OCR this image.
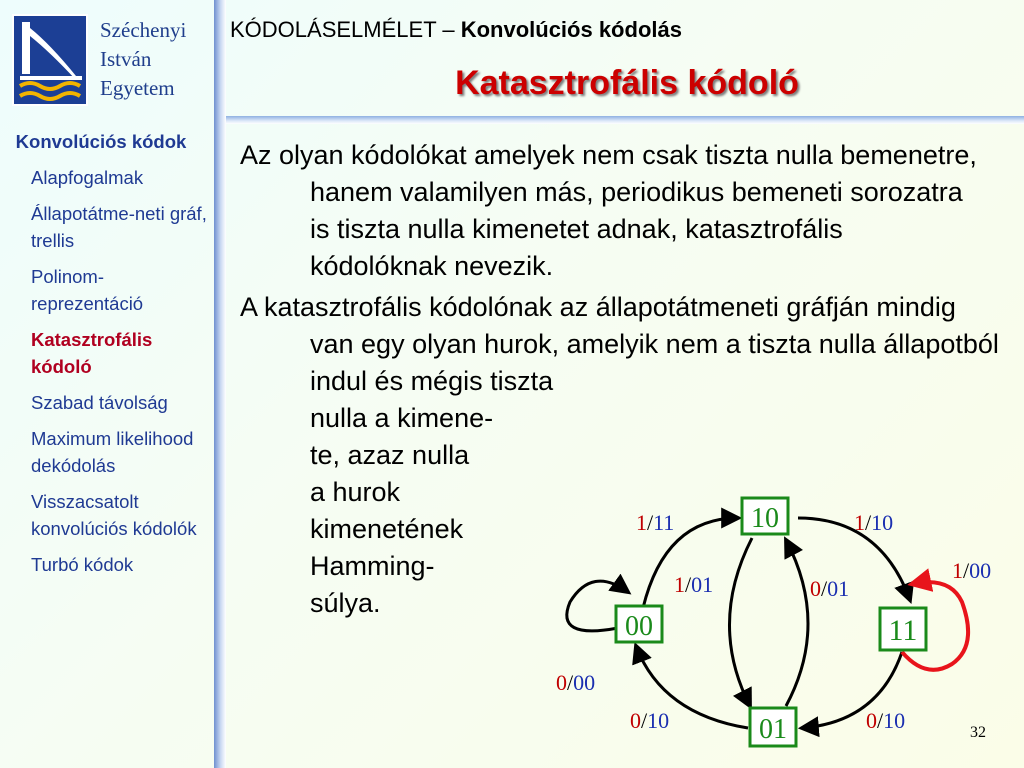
Széchenyi
István
Egyetem
KÓDOLÁSELMÉLET – Konvolúciós kódolás
Katasztrofális kódoló
Konvolúciós kódok
Alapfogalmak
Állapotátme-neti gráf, trellis
Polinom-reprezentáció
Katasztrofális kódoló
Szabad távolság
Maximum likelihood dekódolás
Visszacsatolt konvolúciós kódolók
Turbó kódok
Az olyan kódolókat amelyek nem csak tiszta nulla bemenetre, hanem valamilyen más, periodikus bemeneti sorozatra is tiszta nulla kimenetet adnak, katasztrofális kódolóknak nevezik.
A katasztrofális kódolónak az állapotátmeneti gráfján mindig van egy olyan hurok, amelyik nem a tiszta nulla állapotból
indul és mégis tiszta
nulla a kimene-
te, azaz nulla
a hurok
kimenetének
Hamming-
súlya.
10
00	11
01
1/11	1/10
1/00
1/01	0/01
0/00
0/10	0/10	32
